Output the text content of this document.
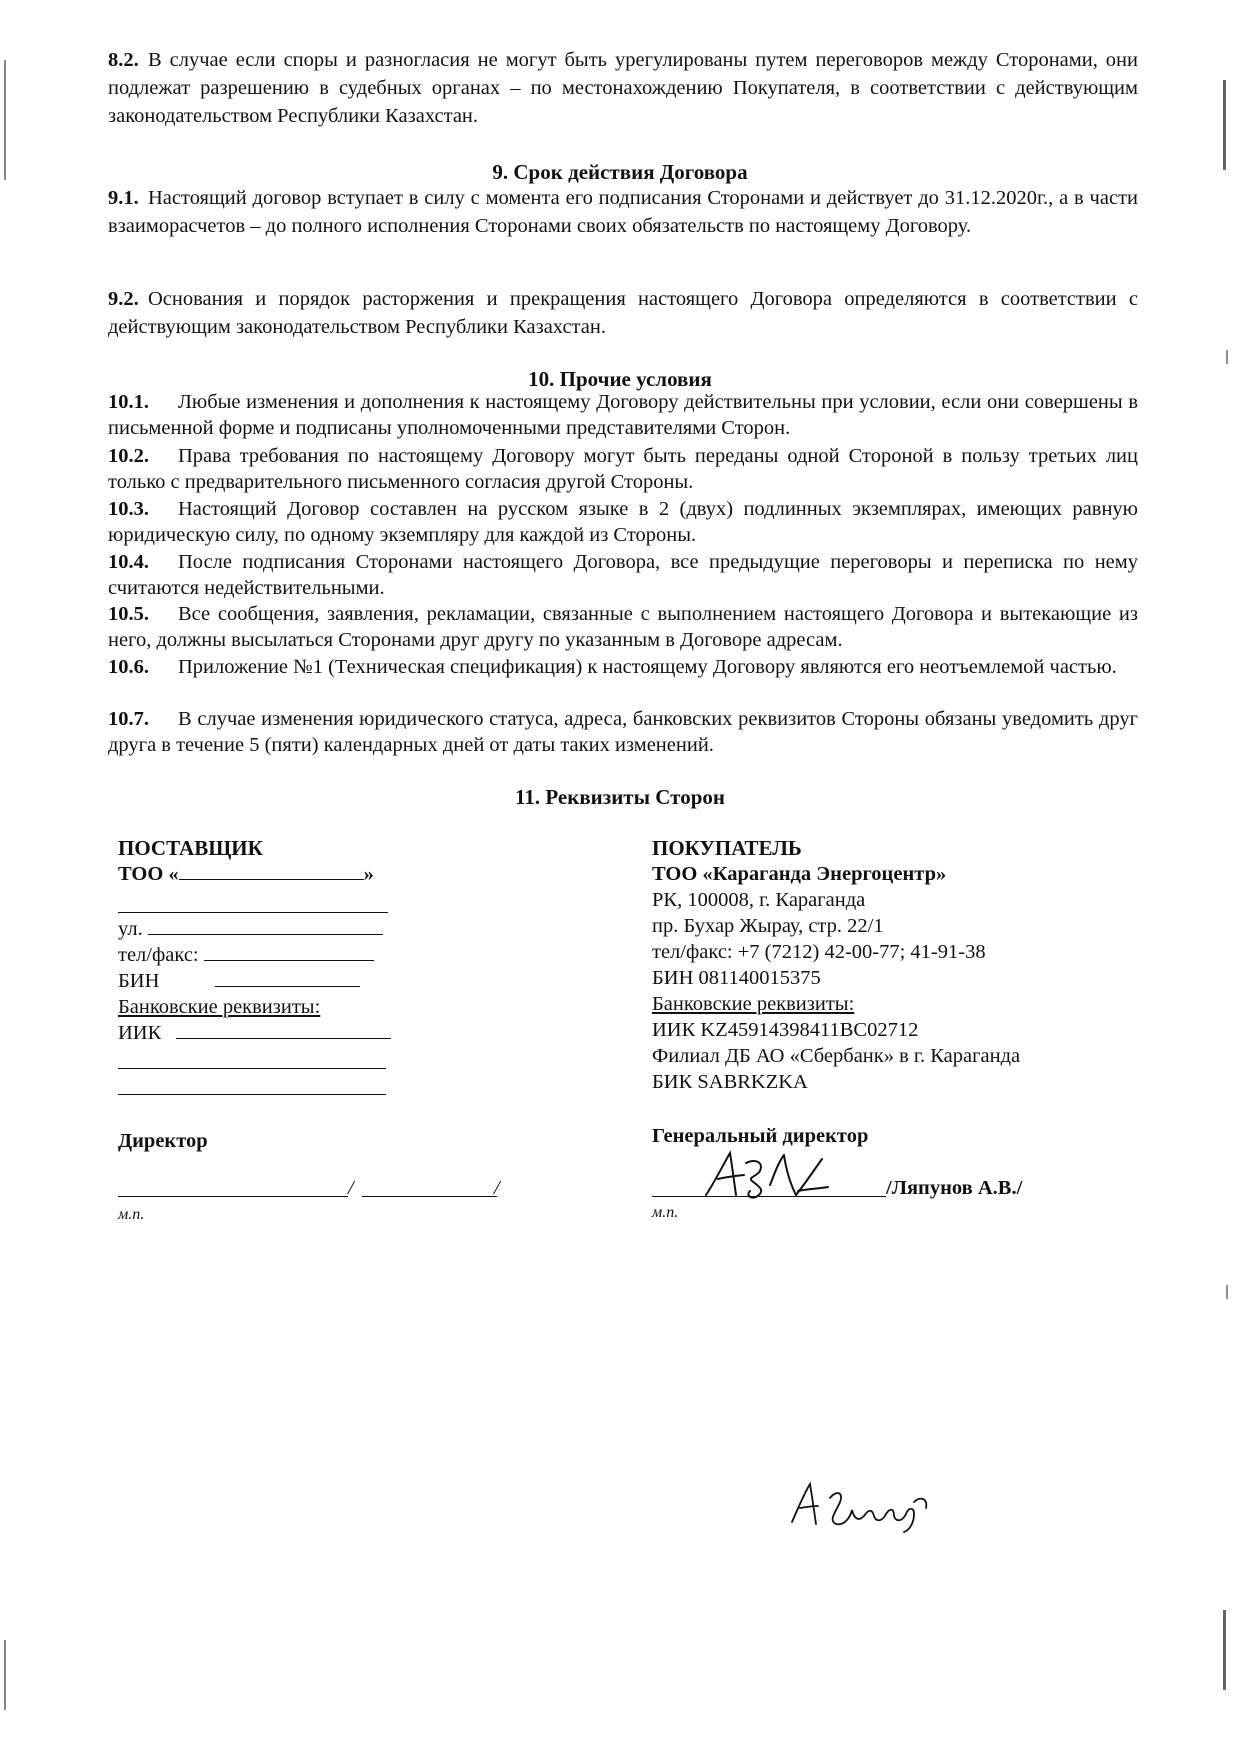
8.2. В случае если споры и разногласия не могут быть урегулированы путем переговоров между Сторонами, они подлежат разрешению в судебных органах – по местонахождению Покупателя, в соответствии с действующим законодательством Республики Казахстан.
9. Срок действия Договора
9.1. Настоящий договор вступает в силу с момента его подписания Сторонами и действует до 31.12.2020г., а в части взаиморасчетов – до полного исполнения Сторонами своих обязательств по настоящему Договору.
9.2. Основания и порядок расторжения и прекращения настоящего Договора определяются в соответствии с действующим законодательством Республики Казахстан.
10. Прочие условия
10.1. Любые изменения и дополнения к настоящему Договору действительны при условии, если они совершены в письменной форме и подписаны уполномоченными представителями Сторон.
10.2. Права требования по настоящему Договору могут быть переданы одной Стороной в пользу третьих лиц только с предварительного письменного согласия другой Стороны.
10.3. Настоящий Договор составлен на русском языке в 2 (двух) подлинных экземплярах, имеющих равную юридическую силу, по одному экземпляру для каждой из Стороны.
10.4. После подписания Сторонами настоящего Договора, все предыдущие переговоры и переписка по нему считаются недействительными.
10.5. Все сообщения, заявления, рекламации, связанные с выполнением настоящего Договора и вытекающие из него, должны высылаться Сторонами друг другу по указанным в Договоре адресам.
10.6. Приложение №1 (Техническая спецификация) к настоящему Договору являются его неотъемлемой частью.
10.7. В случае изменения юридического статуса, адреса, банковских реквизитов Стороны обязаны уведомить друг друга в течение 5 (пяти) календарных дней от даты таких изменений.
11. Реквизиты Сторон
ПОСТАВЩИК
ТОО «	»
ул.
тел/факс:
БИН
Банковские реквизиты:
ИИК
Директор
/	/
м.п.
ПОКУПАТЕЛЬ
ТОО «Караганда Энергоцентр»
РК, 100008, г. Караганда
пр. Бухар Жырау, стр. 22/1
тел/факс: +7 (7212) 42-00-77; 41-91-38
БИН 081140015375
Банковские реквизиты:
ИИК KZ45914398411BC02712
Филиал ДБ АО «Сбербанк» в г. Караганда
БИК SABRKZKA
Генеральный директор
/Ляпунов А.В./
м.п.
